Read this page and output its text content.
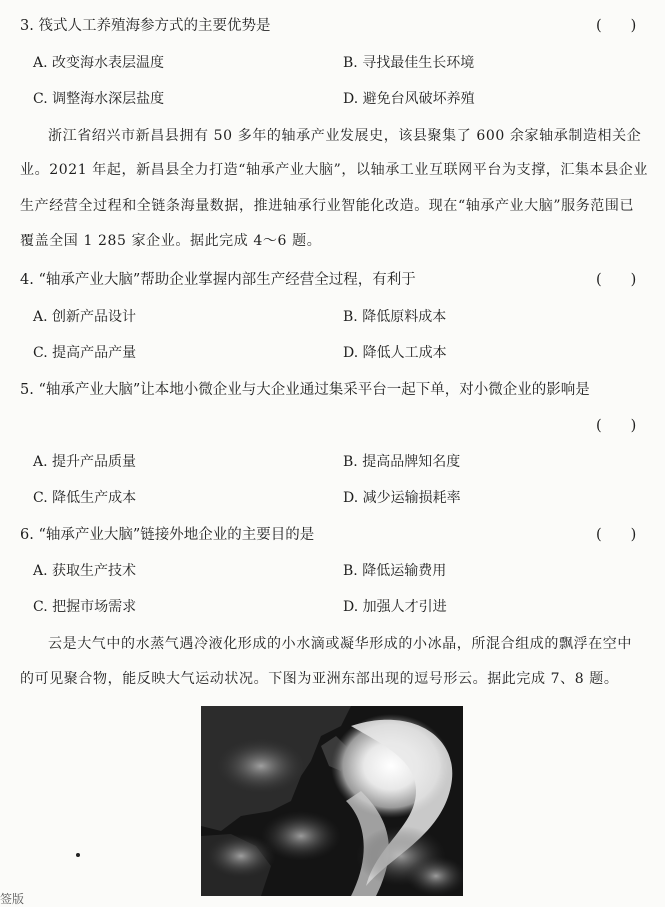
3. 筏式人工养殖海参方式的主要优势是	(　　)
A. 改变海水表层温度	B. 寻找最佳生长环境
C. 调整海水深层盐度	D. 避免台风破坏养殖
浙江省绍兴市新昌县拥有 50 多年的轴承产业发展史，该县聚集了 600 余家轴承制造相关企
业。2021 年起，新昌县全力打造“轴承产业大脑”，以轴承工业互联网平台为支撑，汇集本县企业
生产经营全过程和全链条海量数据，推进轴承行业智能化改造。现在“轴承产业大脑”服务范围已
覆盖全国 1 285 家企业。据此完成 4～6 题。
4. “轴承产业大脑”帮助企业掌握内部生产经营全过程，有利于	(　　)
A. 创新产品设计	B. 降低原料成本
C. 提高产品产量	D. 降低人工成本
5. “轴承产业大脑”让本地小微企业与大企业通过集采平台一起下单，对小微企业的影响是
(　　)
A. 提升产品质量	B. 提高品牌知名度
C. 降低生产成本	D. 减少运输损耗率
6. “轴承产业大脑”链接外地企业的主要目的是	(　　)
A. 获取生产技术	B. 降低运输费用
C. 把握市场需求	D. 加强人才引进
云是大气中的水蒸气遇冷液化形成的小水滴或凝华形成的小冰晶，所混合组成的飘浮在空中
的可见聚合物，能反映大气运动状况。下图为亚洲东部出现的逗号形云。据此完成 7、8 题。
签版
